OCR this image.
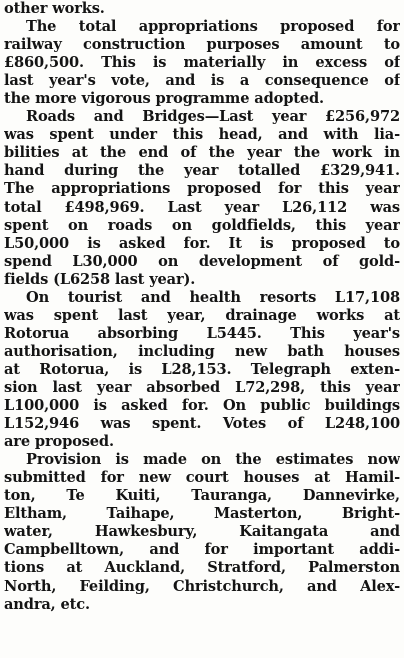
other works.
The total appropriations proposed for
railway construction purposes amount to
£860,500. This is materially in excess of
last year's vote, and is a consequence of
the more vigorous programme adopted.
Roads and Bridges—Last year £256,972
was spent under this head, and with lia-
bilities at the end of the year the work in
hand during the year totalled £329,941.
The appropriations proposed for this year
total £498,969. Last year L26,112 was
spent on roads on goldfields, this year
L50,000 is asked for. It is proposed to
spend L30,000 on development of gold-
fields (L6258 last year).
On tourist and health resorts L17,108
was spent last year, drainage works at
Rotorua absorbing L5445. This year's
authorisation, including new bath houses
at Rotorua, is L28,153. Telegraph exten-
sion last year absorbed L72,298, this year
L100,000 is asked for. On public buildings
L152,946 was spent. Votes of L248,100
are proposed.
Provision is made on the estimates now
submitted for new court houses at Hamil-
ton, Te Kuiti, Tauranga, Dannevirke,
Eltham, Taihape, Masterton, Bright-
water, Hawkesbury, Kaitangata and
Campbelltown, and for important addi-
tions at Auckland, Stratford, Palmerston
North, Feilding, Christchurch, and Alex-
andra, etc.
